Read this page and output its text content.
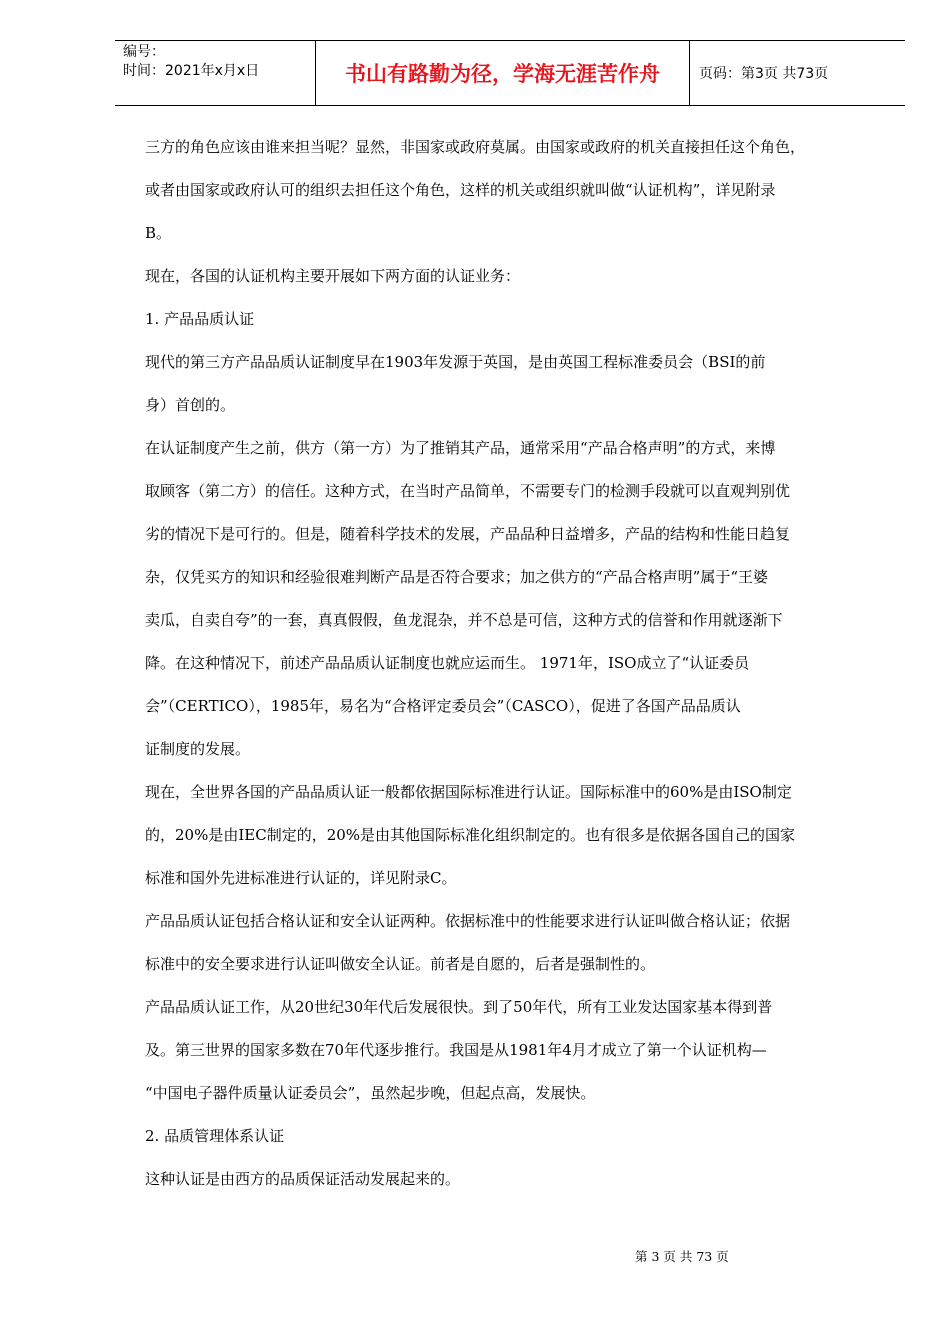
编号：
时间：2021年x月x日	书山有路勤为径，学海无涯苦作舟	页码：第3页 共73页

三方的角色应该由谁来担当呢？显然，非国家或政府莫属。由国家或政府的机关直接担任这个角色，

或者由国家或政府认可的组织去担任这个角色，这样的机关或组织就叫做“认证机构”，详见附录

B。

现在，各国的认证机构主要开展如下两方面的认证业务：

1. 产品品质认证

现代的第三方产品品质认证制度早在1903年发源于英国，是由英国工程标准委员会（BSI的前

身）首创的。

在认证制度产生之前，供方（第一方）为了推销其产品，通常采用“产品合格声明”的方式，来博

取顾客（第二方）的信任。这种方式，在当时产品简单，不需要专门的检测手段就可以直观判别优

劣的情况下是可行的。但是，随着科学技术的发展，产品品种日益增多，产品的结构和性能日趋复

杂，仅凭买方的知识和经验很难判断产品是否符合要求；加之供方的“产品合格声明”属于“王婆

卖瓜，自卖自夸”的一套，真真假假，鱼龙混杂，并不总是可信，这种方式的信誉和作用就逐渐下

降。在这种情况下，前述产品品质认证制度也就应运而生。 1971年，ISO成立了“认证委员

会”（CERTICO），1985年，易名为“合格评定委员会”（CASCO），促进了各国产品品质认

证制度的发展。

现在，全世界各国的产品品质认证一般都依据国际标准进行认证。国际标准中的60%是由ISO制定

的，20%是由IEC制定的，20%是由其他国际标准化组织制定的。也有很多是依据各国自己的国家

标准和国外先进标准进行认证的，详见附录C。

产品品质认证包括合格认证和安全认证两种。依据标准中的性能要求进行认证叫做合格认证；依据

标准中的安全要求进行认证叫做安全认证。前者是自愿的，后者是强制性的。

产品品质认证工作，从20世纪30年代后发展很快。到了50年代，所有工业发达国家基本得到普

及。第三世界的国家多数在70年代逐步推行。我国是从1981年4月才成立了第一个认证机构—

“中国电子器件质量认证委员会”，虽然起步晚，但起点高，发展快。

2. 品质管理体系认证

这种认证是由西方的品质保证活动发展起来的。

第 3 页 共 73 页
